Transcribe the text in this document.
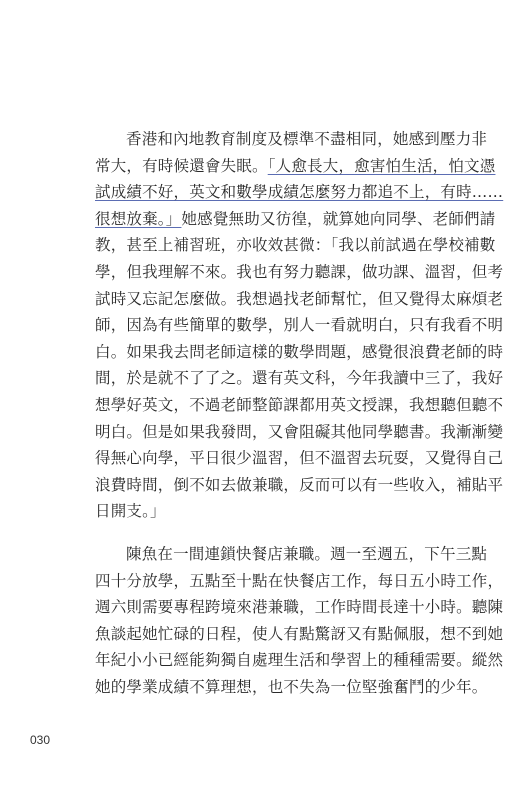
香港和內地教育制度及標準不盡相同，她感到壓力非
常大，有時候還會失眠。「人愈長大，愈害怕生活，怕文憑
試成績不好，英文和數學成績怎麼努力都追不上，有時……
很想放棄。」她感覺無助又彷徨，就算她向同學、老師們請
教，甚至上補習班，亦收效甚微：「我以前試過在學校補數
學，但我理解不來。我也有努力聽課，做功課、溫習，但考
試時又忘記怎麼做。我想過找老師幫忙，但又覺得太麻煩老
師，因為有些簡單的數學，別人一看就明白，只有我看不明
白。如果我去問老師這樣的數學問題，感覺很浪費老師的時
間，於是就不了了之。還有英文科，今年我讀中三了，我好
想學好英文，不過老師整節課都用英文授課，我想聽但聽不
明白。但是如果我發問，又會阻礙其他同學聽書。我漸漸變
得無心向學，平日很少溫習，但不溫習去玩耍，又覺得自己
浪費時間，倒不如去做兼職，反而可以有一些收入，補貼平
日開支。」
陳魚在一間連鎖快餐店兼職。週一至週五，下午三點
四十分放學，五點至十點在快餐店工作，每日五小時工作，
週六則需要專程跨境來港兼職，工作時間長達十小時。聽陳
魚談起她忙碌的日程，使人有點驚訝又有點佩服，想不到她
年紀小小已經能夠獨自處理生活和學習上的種種需要。縱然
她的學業成績不算理想，也不失為一位堅強奮鬥的少年。
030
